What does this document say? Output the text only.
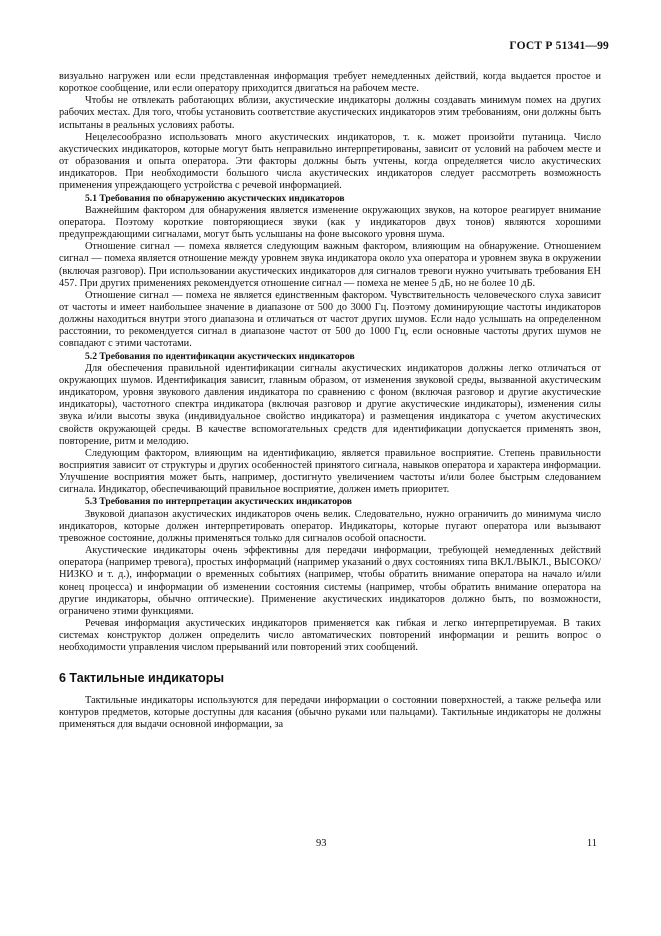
ГОСТ Р 51341—99

визуально нагружен или если представленная информация требует немедленных действий, когда выдается простое и короткое сообщение, или если оператору приходится двигаться на рабочем месте.

Чтобы не отвлекать работающих вблизи, акустические индикаторы должны создавать минимум помех на других рабочих местах. Для того, чтобы установить соответствие акустических индикаторов этим требованиям, они должны быть испытаны в реальных условиях работы.

Нецелесообразно использовать много акустических индикаторов, т. к. может произойти путаница. Число акустических индикаторов, которые могут быть неправильно интерпретированы, зависит от условий на рабочем месте и от образования и опыта оператора. Эти факторы должны быть учтены, когда определяется число акустических индикаторов. При необходимости большого числа акустических индикаторов следует рассмотреть возможность применения упреждающего устройства с речевой информацией.

5.1 Требования по обнаружению акустических индикаторов

Важнейшим фактором для обнаружения является изменение окружающих звуков, на которое реагирует внимание оператора. Поэтому короткие повторяющиеся звуки (как у индикаторов двух тонов) являются хорошими предупреждающими сигналами, могут быть услышаны на фоне высокого уровня шума.

Отношение сигнал — помеха является следующим важным фактором, влияющим на обнаружение. Отношением сигнал — помеха является отношение между уровнем звука индикатора около уха оператора и уровнем звука в окружении (включая разговор). При использовании акустических индикаторов для сигналов тревоги нужно учитывать требования ЕН 457. При других применениях рекомендуется отношение сигнал — помеха не менее 5 дБ, но не более 10 дБ.

Отношение сигнал — помеха не является единственным фактором. Чувствительность человеческого слуха зависит от частоты и имеет наибольшее значение в диапазоне от 500 до 3000 Гц. Поэтому доминирующие частоты индикаторов должны находиться внутри этого диапазона и отличаться от частот других шумов. Если надо услышать на определенном расстоянии, то рекомендуется сигнал в диапазоне частот от 500 до 1000 Гц, если основные частоты других шумов не совпадают с этими частотами.

5.2 Требования по идентификации акустических индикаторов

Для обеспечения правильной идентификации сигналы акустических индикаторов должны легко отличаться от окружающих шумов. Идентификация зависит, главным образом, от изменения звуковой среды, вызванной акустическим индикатором, уровня звукового давления индикатора по сравнению с фоном (включая разговор и другие акустические индикаторы), частотного спектра индикатора (включая разговор и другие акустические индикаторы), изменения силы звука и/или высоты звука (индивидуальное свойство индикатора) и размещения индикатора с учетом акустических свойств окружающей среды. В качестве вспомогательных средств для идентификации допускается применять звон, повторение, ритм и мелодию.

Следующим фактором, влияющим на идентификацию, является правильное восприятие. Степень правильности восприятия зависит от структуры и других особенностей принятого сигнала, навыков оператора и характера информации. Улучшение восприятия может быть, например, достигнуто увеличением частоты и/или более быстрым следованием сигнала. Индикатор, обеспечивающий правильное восприятие, должен иметь приоритет.

5.3 Требования по интерпретации акустических индикаторов

Звуковой диапазон акустических индикаторов очень велик. Следовательно, нужно ограничить до минимума число индикаторов, которые должен интерпретировать оператор. Индикаторы, которые пугают оператора или вызывают тревожное состояние, должны применяться только для сигналов особой опасности.

Акустические индикаторы очень эффективны для передачи информации, требующей немедленных действий оператора (например тревога), простых информаций (например указаний о двух состояниях типа ВКЛ./ВЫКЛ., ВЫСОКО/НИЗКО и т. д.), информации о временных событиях (например, чтобы обратить внимание оператора на начало и/или конец процесса) и информации об изменении состояния системы (например, чтобы обратить внимание оператора на другие индикаторы, обычно оптические). Применение акустических индикаторов должно быть, по возможности, ограничено этими функциями.

Речевая информация акустических индикаторов применяется как гибкая и легко интерпретируемая. В таких системах конструктор должен определить число автоматических повторений информации и решить вопрос о необходимости управления числом прерываний или повторений этих сообщений.

6 Тактильные индикаторы

Тактильные индикаторы используются для передачи информации о состоянии поверхностей, а также рельефа или контуров предметов, которые доступны для касания (обычно руками или пальцами). Тактильные индикаторы не должны применяться для выдачи основной информации, за

93	11
